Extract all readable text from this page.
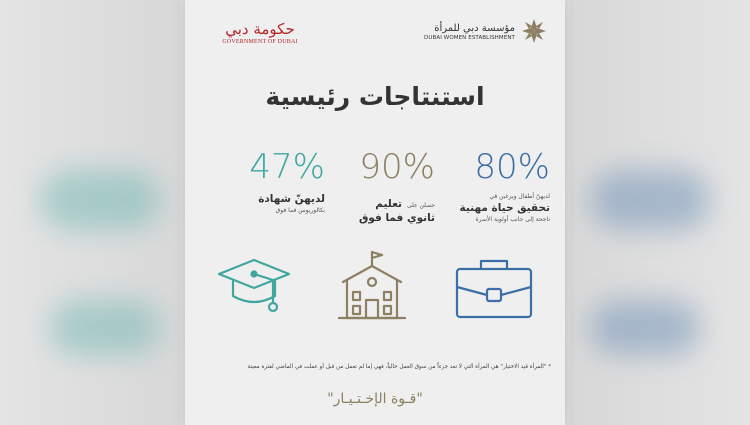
حكومة دبي
GOVERNMENT OF DUBAI
مؤسسة دبي للمرأة
DUBAI WOMEN ESTABLISHMENT
استنتاجات رئيسية
47%
لديهنّ شهادة
بكالوريوس فما فوق
90%
حصلن على تعليم
ثانوي فما فوق
80%
لديهنّ أطفال ويرغبن في
تحقيق حياة مهنية
ناجحة إلى جانب أولوية الأسرة
* "المرأة قيد الاختيار" هي المرأة التي لا تعد جزءاً من سوق العمل حالياً، فهي إما لم تعمل من قبل أو عملت في الماضي لفترة معينة
"قـوة الإخـتـيـار"
